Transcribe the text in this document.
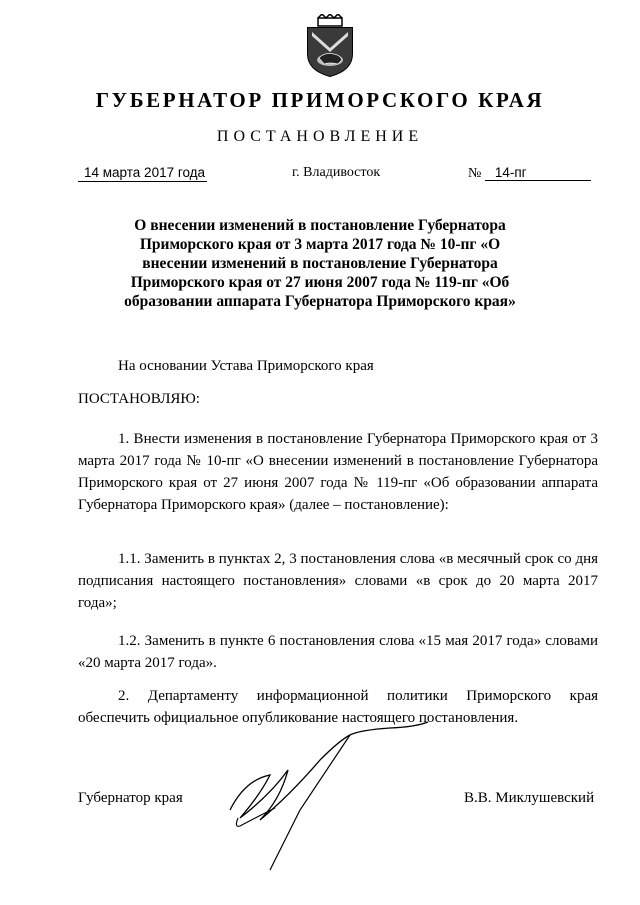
ГУБЕРНАТОР ПРИМОРСКОГО КРАЯ
ПОСТАНОВЛЕНИЕ
14 марта 2017 года	г. Владивосток	№ 14-пг
О внесении изменений в постановление Губернатора Приморского края от 3 марта 2017 года № 10-пг «О внесении изменений в постановление Губернатора Приморского края от 27 июня 2007 года № 119-пг «Об образовании аппарата Губернатора Приморского края»
На основании Устава Приморского края
ПОСТАНОВЛЯЮ:
1. Внести изменения в постановление Губернатора Приморского края от 3 марта 2017 года № 10-пг «О внесении изменений в постановление Губернатора Приморского края от 27 июня 2007 года № 119-пг «Об образовании аппарата Губернатора Приморского края» (далее – постановление):
1.1. Заменить в пунктах 2, 3 постановления слова «в месячный срок со дня подписания настоящего постановления» словами «в срок до 20 марта 2017 года»;
1.2. Заменить в пункте 6 постановления слова «15 мая 2017 года» словами «20 марта 2017 года».
2. Департаменту информационной политики Приморского края обеспечить официальное опубликование настоящего постановления.
Губернатор края	В.В. Миклушевский
